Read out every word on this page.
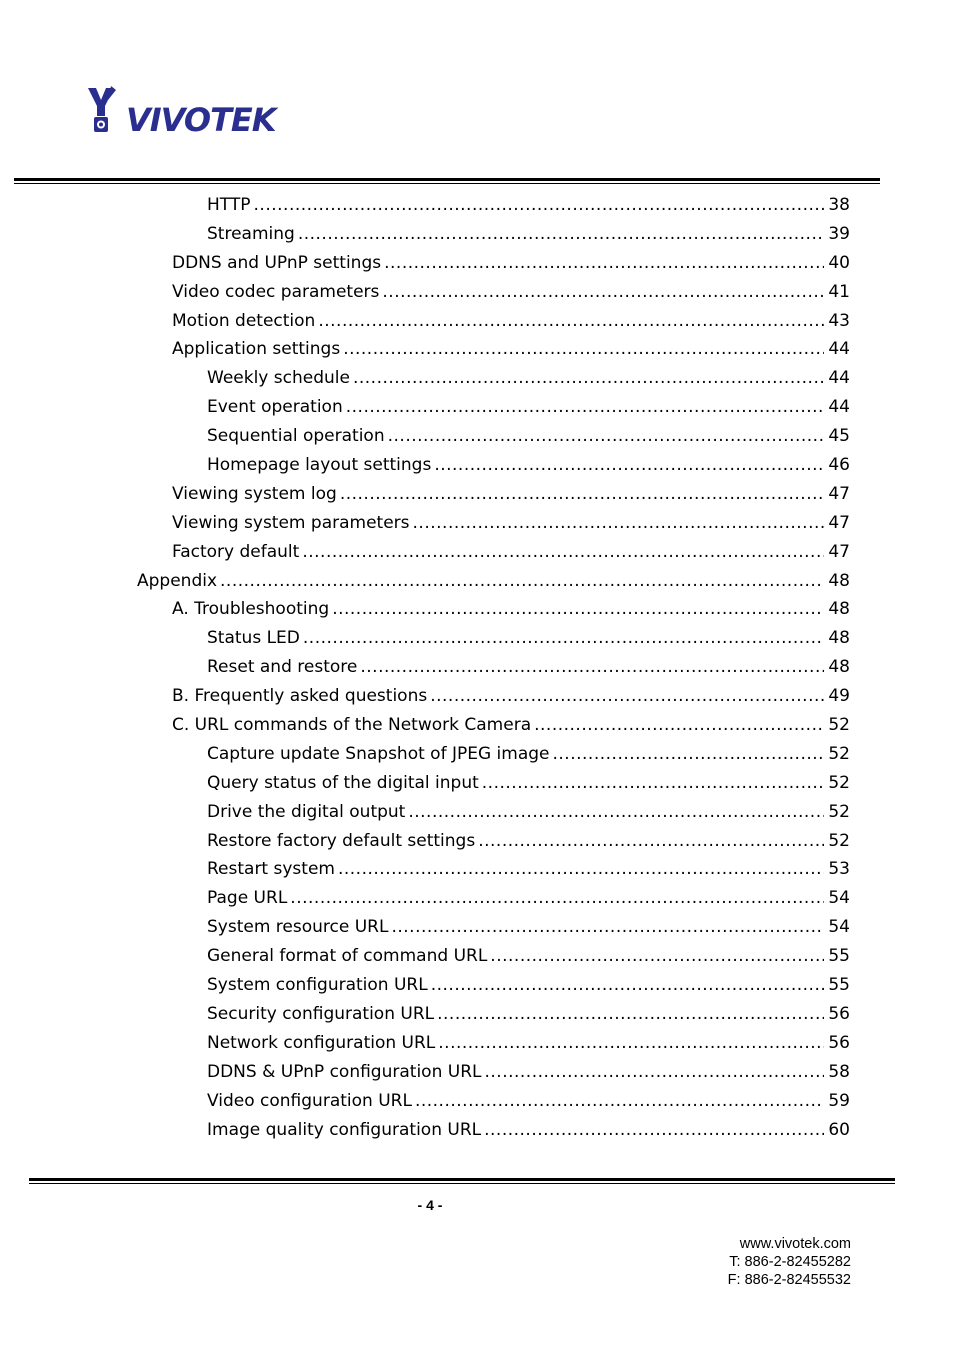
VIVOTEK
HTTP .....	38
Streaming .....	39
DDNS and UPnP settings .....	40
Video codec parameters .....	41
Motion detection .....	43
Application settings .....	44
Weekly schedule .....	44
Event operation .....	44
Sequential operation .....	45
Homepage layout settings .....	46
Viewing system log .....	47
Viewing system parameters .....	47
Factory default .....	47
Appendix .....	48
A. Troubleshooting .....	48
Status LED .....	48
Reset and restore .....	48
B. Frequently asked questions .....	49
C. URL commands of the Network Camera .....	52
Capture update Snapshot of JPEG image .....	52
Query status of the digital input .....	52
Drive the digital output .....	52
Restore factory default settings .....	52
Restart system .....	53
Page URL .....	54
System resource URL .....	54
General format of command URL .....	55
System configuration URL .....	55
Security configuration URL .....	56
Network configuration URL .....	56
DDNS & UPnP configuration URL .....	58
Video configuration URL .....	59
Image quality configuration URL .....	60
- 4 -
www.vivotek.com
T: 886-2-82455282
F: 886-2-82455532
